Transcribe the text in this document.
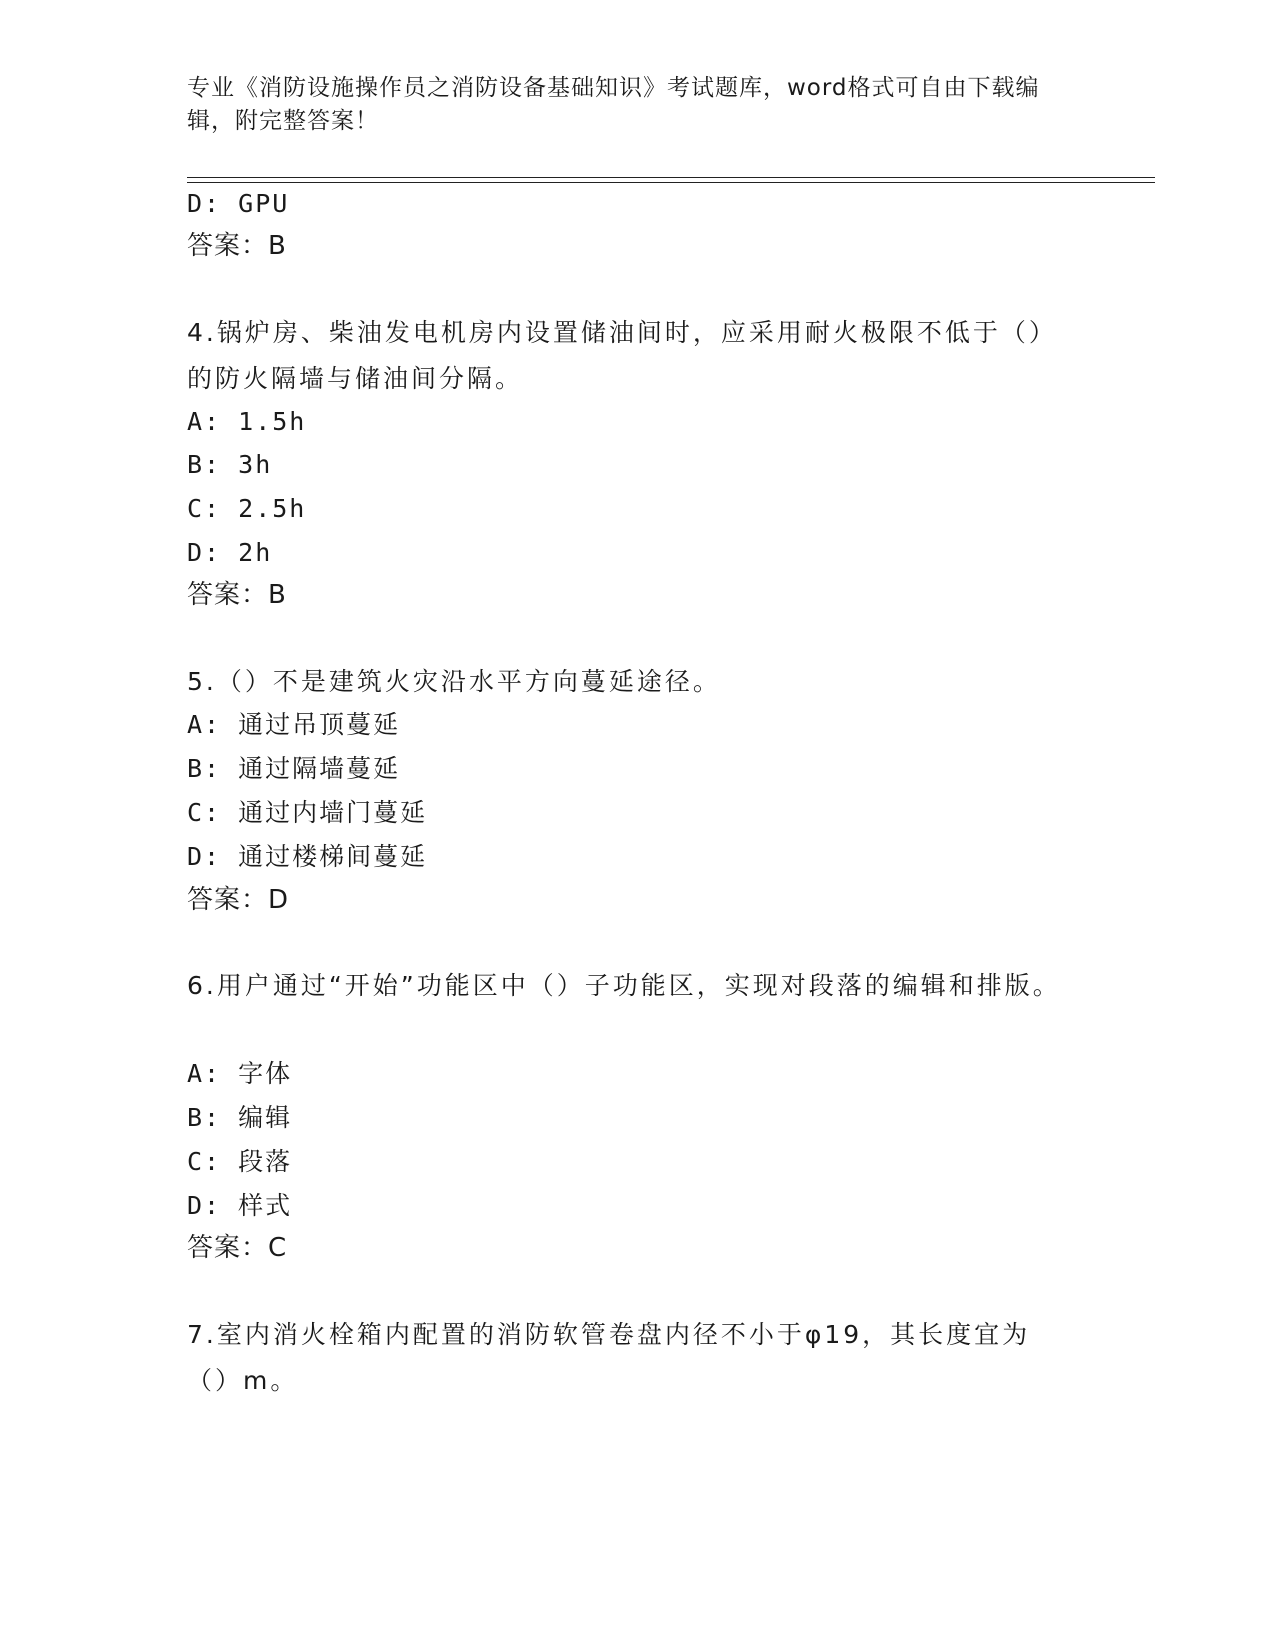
专业《消防设施操作员之消防设备基础知识》考试题库，word格式可自由下载编辑，附完整答案！
D: GPU
答案：B
4.锅炉房、柴油发电机房内设置储油间时，应采用耐火极限不低于（）的防火隔墙与储油间分隔。
A: 1.5h
B: 3h
C: 2.5h
D: 2h
答案：B
5.（）不是建筑火灾沿水平方向蔓延途径。
A: 通过吊顶蔓延
B: 通过隔墙蔓延
C: 通过内墙门蔓延
D: 通过楼梯间蔓延
答案：D
6.用户通过“开始”功能区中（）子功能区，实现对段落的编辑和排版。
A: 字体
B: 编辑
C: 段落
D: 样式
答案：C
7.室内消火栓箱内配置的消防软管卷盘内径不小于φ19，其长度宜为（）m。
